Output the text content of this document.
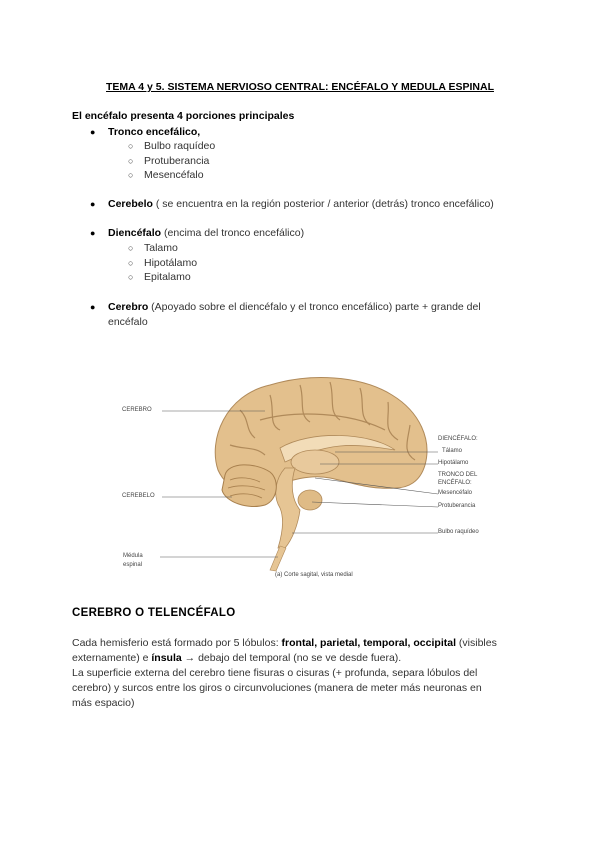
TEMA 4 y 5. SISTEMA NERVIOSO CENTRAL: ENCÉFALO Y MEDULA ESPINAL
El encéfalo presenta 4 porciones principales
● Tronco encefálico,
○ Bulbo raquídeo
○ Protuberancia
○ Mesencéfalo
● Cerebelo ( se encuentra en la región posterior / anterior (detrás) tronco encefálico)
● Diencéfalo (encima del tronco encefálico)
○ Talamo
○ Hipotálamo
○ Epitalamo
● Cerebro (Apoyado sobre el diencéfalo y el tronco encefálico) parte + grande del
encéfalo
CEREBRO
CEREBELO
Médula
espinal
DIENCÉFALO:
Tálamo
Hipotálamo
TRONCO DEL
ENCÉFALO:
Mesencéfalo
Protuberancia
Bulbo raquídeo
(a) Corte sagital, vista medial
CEREBRO O TELENCÉFALO
Cada hemisferio está formado por 5 lóbulos: frontal, parietal, temporal, occipital (visibles
externamente) e ínsula → debajo del temporal (no se ve desde fuera).
La superficie externa del cerebro tiene fisuras o cisuras (+ profunda, separa lóbulos del
cerebro) y surcos entre los giros o circunvoluciones (manera de meter más neuronas en
más espacio)
